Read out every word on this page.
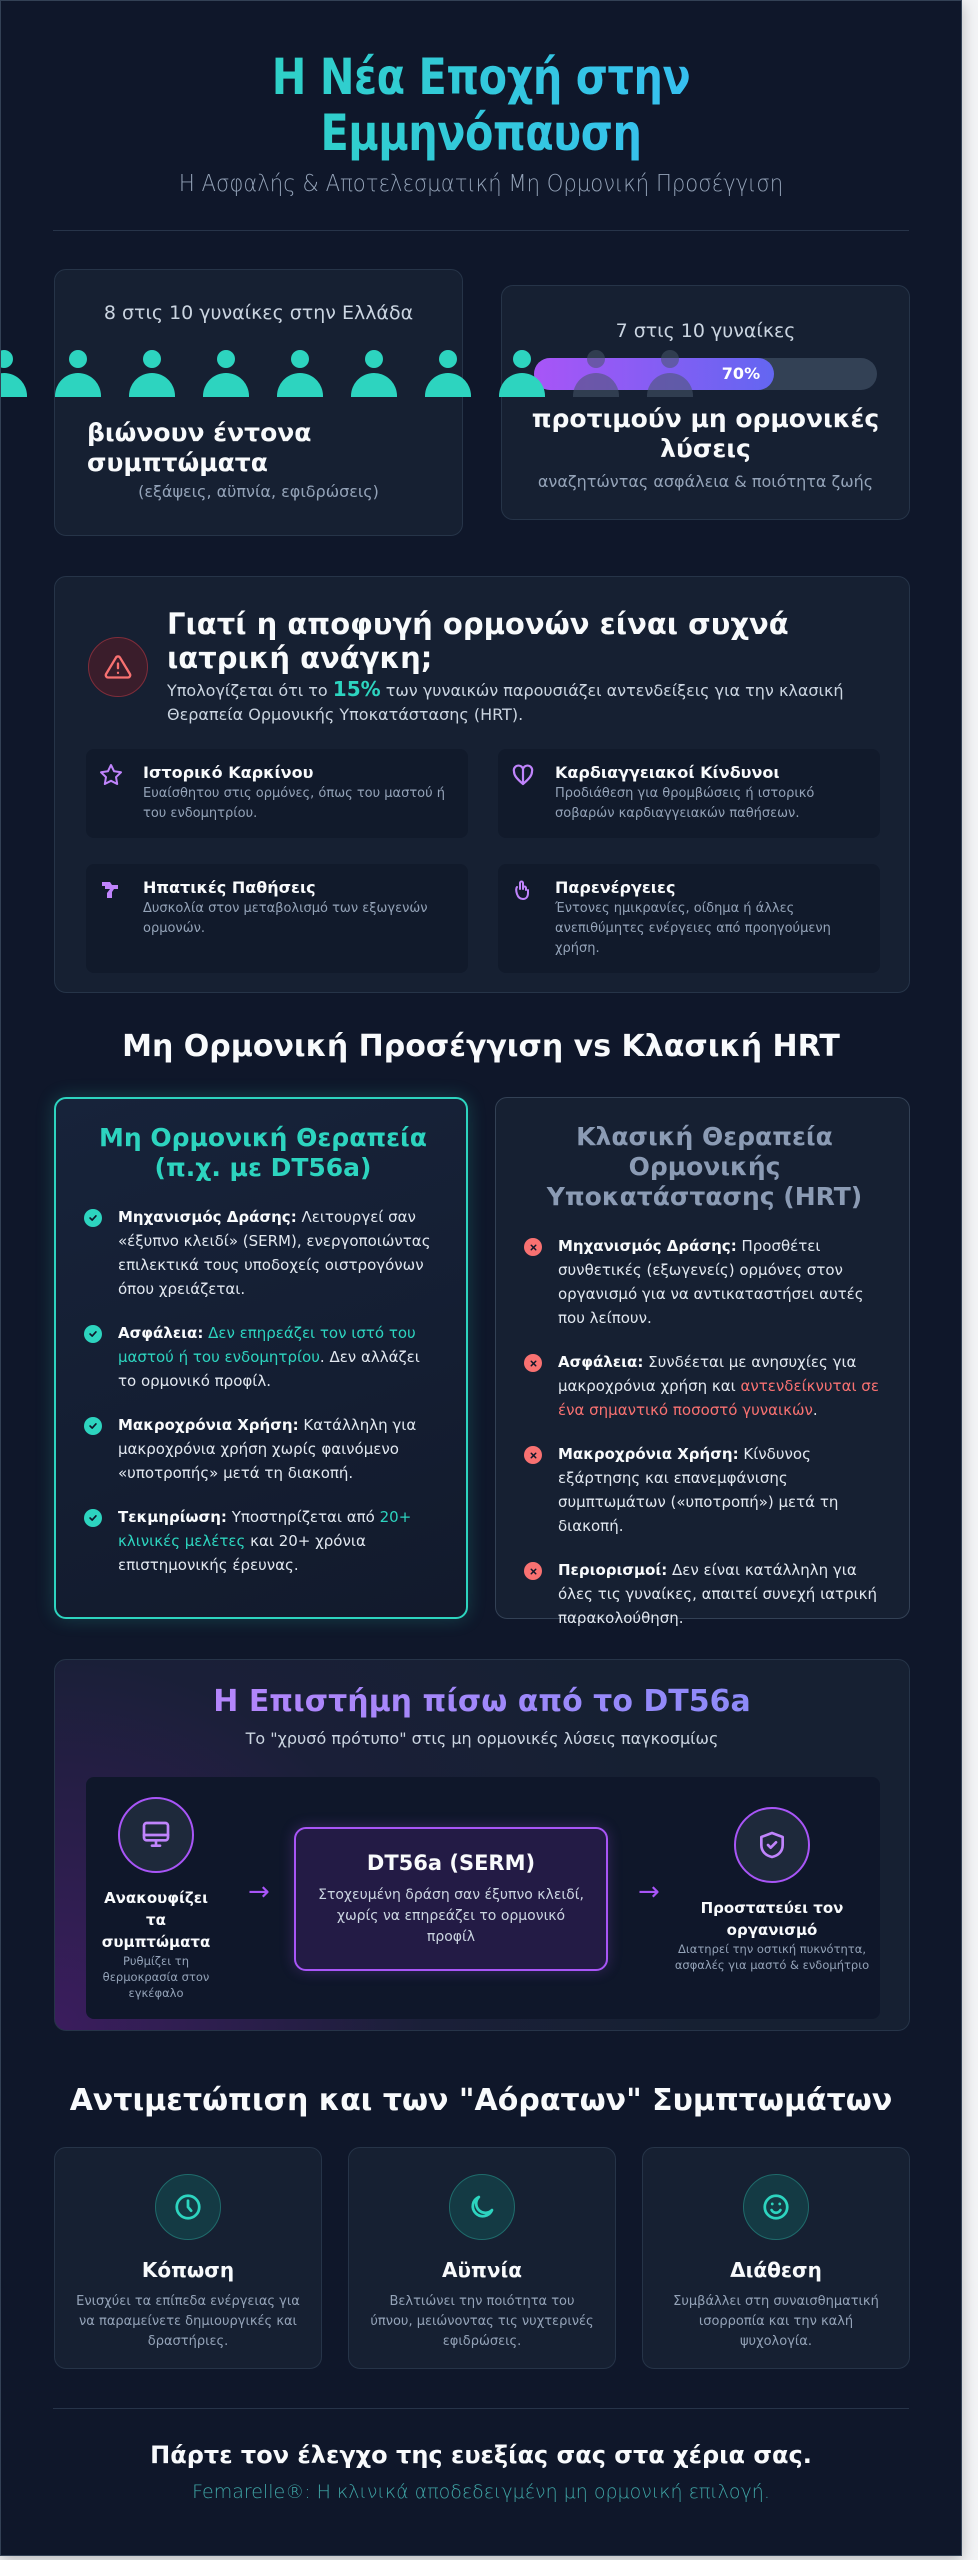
Η Νέα Εποχή στην Εμμηνόπαυση

Η Ασφαλής & Αποτελεσματική Μη Ορμονική Προσέγγιση

8 στις 10 γυναίκες στην Ελλάδα

βιώνουν έντονα συμπτώματα

(εξάψεις, αϋπνία, εφιδρώσεις)

7 στις 10 γυναίκες

70%

προτιμούν μη ορμονικές λύσεις

αναζητώντας ασφάλεια & ποιότητα ζωής

Γιατί η αποφυγή ορμονών είναι συχνά ιατρική ανάγκη;

Υπολογίζεται ότι το 15% των γυναικών παρουσιάζει αντενδείξεις για την κλασική Θεραπεία Ορμονικής Υποκατάστασης (HRT).

Ιστορικό Καρκίνου

Ευαίσθητου στις ορμόνες, όπως του μαστού ή του ενδομητρίου.

Καρδιαγγειακοί Κίνδυνοι

Προδιάθεση για θρομβώσεις ή ιστορικό σοβαρών καρδιαγγειακών παθήσεων.

Ηπατικές Παθήσεις

Δυσκολία στον μεταβολισμό των εξωγενών ορμονών.

Παρενέργειες

Έντονες ημικρανίες, οίδημα ή άλλες ανεπιθύμητες ενέργειες από προηγούμενη χρήση.

Μη Ορμονική Προσέγγιση vs Κλασική HRT
Μη Ορμονική Θεραπεία (π.χ. με DT56a)
Μηχανισμός Δράσης: Λειτουργεί σαν «έξυπνο κλειδί» (SERM), ενεργοποιώντας επιλεκτικά τους υποδοχείς οιστρογόνων όπου χρειάζεται.
Ασφάλεια: Δεν επηρεάζει τον ιστό του μαστού ή του ενδομητρίου. Δεν αλλάζει το ορμονικό προφίλ.
Μακροχρόνια Χρήση: Κατάλληλη για μακροχρόνια χρήση χωρίς φαινόμενο «υποτροπής» μετά τη διακοπή.
Τεκμηρίωση: Υποστηρίζεται από 20+ κλινικές μελέτες και 20+ χρόνια επιστημονικής έρευνας.
Κλασική Θεραπεία Ορμονικής Υποκατάστασης (HRT)
Μηχανισμός Δράσης: Προσθέτει συνθετικές (εξωγενείς) ορμόνες στον οργανισμό για να αντικαταστήσει αυτές που λείπουν.
Ασφάλεια: Συνδέεται με ανησυχίες για μακροχρόνια χρήση και αντενδείκνυται σε ένα σημαντικό ποσοστό γυναικών.
Μακροχρόνια Χρήση: Κίνδυνος εξάρτησης και επανεμφάνισης συμπτωμάτων («υποτροπή») μετά τη διακοπή.
Περιορισμοί: Δεν είναι κατάλληλη για όλες τις γυναίκες, απαιτεί συνεχή ιατρική παρακολούθηση.
Η Επιστήμη πίσω από το DT56a

Το "χρυσό πρότυπο" στις μη ορμονικές λύσεις παγκοσμίως

Ανακουφίζει τα συμπτώματα

Ρυθμίζει τη θερμοκρασία στον εγκέφαλο

→

DT56a (SERM)

Στοχευμένη δράση σαν έξυπνο κλειδί, χωρίς να επηρεάζει το ορμονικό προφίλ

→

Προστατεύει τον οργανισμό

Διατηρεί την οστική πυκνότητα, ασφαλές για μαστό & ενδομήτριο

Αντιμετώπιση και των "Αόρατων" Συμπτωμάτων

Κόπωση

Ενισχύει τα επίπεδα ενέργειας για να παραμείνετε δημιουργικές και δραστήριες.

Αϋπνία

Βελτιώνει την ποιότητα του ύπνου, μειώνοντας τις νυχτερινές εφιδρώσεις.

Διάθεση

Συμβάλλει στη συναισθηματική ισορροπία και την καλή ψυχολογία.

Πάρτε τον έλεγχο της ευεξίας σας στα χέρια σας.

Femarelle®: Η κλινικά αποδεδειγμένη μη ορμονική επιλογή.
